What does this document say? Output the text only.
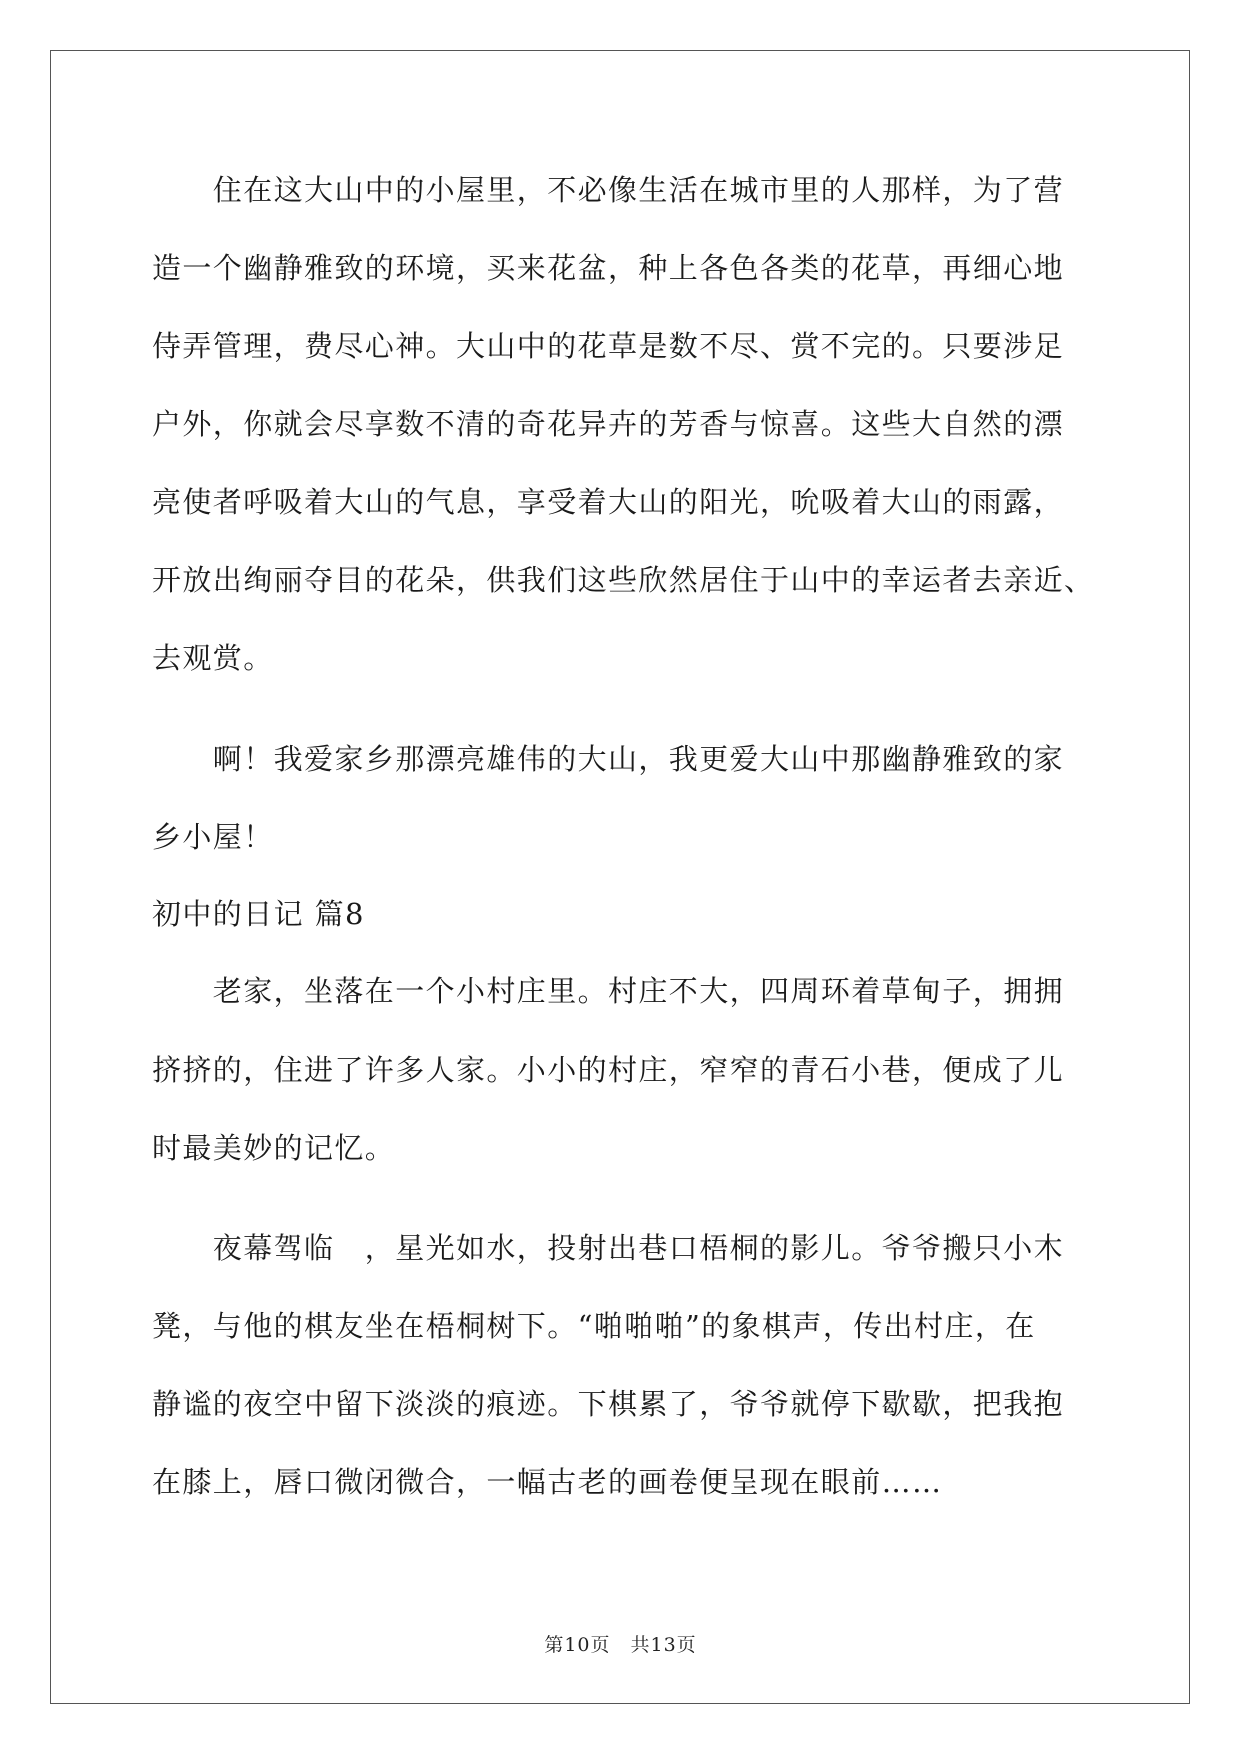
　　住在这大山中的小屋里，不必像生活在城市里的人那样，为了营

造一个幽静雅致的环境，买来花盆，种上各色各类的花草，再细心地

侍弄管理，费尽心神。大山中的花草是数不尽、赏不完的。只要涉足

户外，你就会尽享数不清的奇花异卉的芳香与惊喜。这些大自然的漂

亮使者呼吸着大山的气息，享受着大山的阳光，吮吸着大山的雨露，

开放出绚丽夺目的花朵，供我们这些欣然居住于山中的幸运者去亲近、

去观赏。

　　啊！我爱家乡那漂亮雄伟的大山，我更爱大山中那幽静雅致的家

乡小屋！

初中的日记 篇8

　　老家，坐落在一个小村庄里。村庄不大，四周环着草甸子，拥拥

挤挤的，住进了许多人家。小小的村庄，窄窄的青石小巷，便成了儿

时最美妙的记忆。

　　夜幕驾临　，星光如水，投射出巷口梧桐的影儿。爷爷搬只小木

凳，与他的棋友坐在梧桐树下。“啪啪啪”的象棋声，传出村庄，在

静谧的夜空中留下淡淡的痕迹。下棋累了，爷爷就停下歇歇，把我抱

在膝上，唇口微闭微合，一幅古老的画卷便呈现在眼前……

第10页　共13页
